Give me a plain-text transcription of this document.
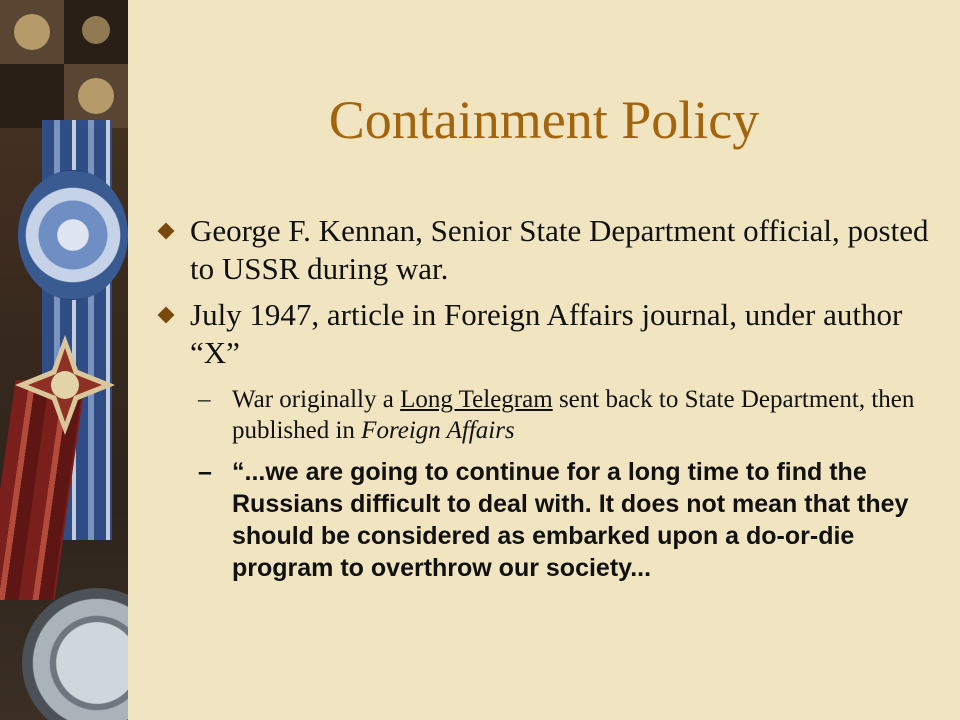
Containment Policy
George F. Kennan, Senior State Department official, posted to USSR during war.
July 1947, article in Foreign Affairs journal, under author “X”
– War originally a Long Telegram sent back to State Department, then published in Foreign Affairs
– “...we are going to continue for a long time to find the Russians difficult to deal with. It does not mean that they should be considered as embarked upon a do-or-die program to overthrow our society...
